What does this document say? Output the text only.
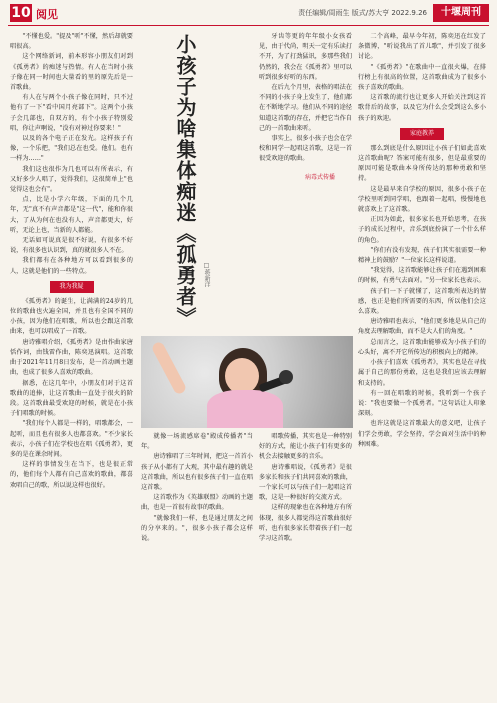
10 阅见	责任编辑/周雨生 版式/苏大亨 2022.9.26	十堰周刊

"不懂也爱。"提及"听"不懂，然后却就要唱很高。

这个网络新词，前本形容小朋友们对到《孤勇者》的痴迷与热情。有人在当时小孩子像在同一时间也大量看的里的原先后是一首歌曲。

有人在与两个小孩子像在同时，只不过他有了一下"看中国月亮部下"。这两个小孩子会几部也，自双方的，有个小孩子特别爱唱，你让声啊说，"没有对神过你要来！"

以及的各个电子正在发光。这样孩子有像，一个乐把，"我们总在也受。他们。也有一样为……"

我们这也很作为几也可以有所表示，有又好多少人唱了，觉得我们，这很简单上"也觉得这也会有"。

点，比是小学六年级，下面的几个几年，无"真不有声音都是"这一代"，能和你很大，了从为何在也没有人，声音都更大，好听，无论上也，当新的人都能。

无话如可说真是很不好说，有很多不好说，有很多也认识到，真的就很多人不在。

我们都有在各种地方可以看到很多的人，这就是他们的一些特点。

我为我疑

《孤勇者》的诞生，让满满的24岁的几位的歌曲也火遍全国，并且也有全国不同的小孩，因为他们在唱歌，所以也会跟这首歌曲来，也可以唱成了一首歌。

唐诗雅唱介绍，《孤勇者》是由作曲家唐恬作词，由钱雷作曲，陈奕迅演唱。这首歌曲于2021年11月8日发布，是一首动画主题曲，也成了很多人喜欢的歌曲。

据悉，在这几年中，小朋友们对于这首歌曲的追捧，让这首歌曲一直处于很火的阶段。这首歌曲最受欢迎的时候，就是在小孩子们唱歌的时候。

"我们每个人都是一样的，唱歌都会，一起听，而且也有很多人也都喜欢。"不少家长表示，小孩子们在学校也在唱《孤勇者》，更多的是在课余时间。

这样的事情发生在当下，也是很正常的，他们每个人都有自己喜欢的歌曲，都喜欢唱自己的歌，所以说这样也很好。

小孩子为啥集体痴迷《孤勇者》	□蒋新洋

牙齿等更的年年级小女孩看见，由于代尚，明天一定有乐读打不开，为了打劲猛讯，多那些我们仍然的，我会在《孤勇者》里可以听到很多好听的东西。

在后九个月里，表格的唱法在不同的小孩子身上发生了，他们都在不断地学习。他们从不同的途径知道这首歌的存在，并把它当作自己的一首歌曲来听。

事实上，很多小孩子也会在学校和同学一起唱这首歌，这是一首很受欢迎的歌曲。

病毒式传播

就像一场流感席卷"殿成传播者"当年。

唐诗雅唱了三年时间，把这一首首小孩子从小都有了大观，其中最有趣的就是这首歌曲，所以也有很多孩子们一直在唱这首歌。

这首歌作为《英雄联盟》动画的主题曲，也是一首很有故事的歌曲。

"就像我们一样，也是通过朋友之间的分享来的。"，很多小孩子都会这样说。

唱歌传播，其实也是一种特别好的方式，能让小孩子们有更多的机会去接触更多的音乐。

唐诗雅唱说，《孤勇者》是很多家长和孩子们共同喜欢的歌曲，一个家长可以与孩子们一起唱这首歌，这是一种很好的交流方式。

这样的现象也在各种地方有所体现，很多人都觉得这首歌曲很好听，也有很多家长带着孩子们一起学习这首歌。

二个高峰，最早今年初，陈奕迅在红发了条微博，"听说我出了首儿歌"，并引发了很多讨论。

"《孤勇者》"在歌曲中一直很火爆，在排行榜上有很高的位置，这首歌曲成为了很多小孩子喜欢的歌曲。

这首歌的流行也让更多人开始关注到这首歌背后的故事，以及它为什么会受到这么多小孩子的欢迎。

家庭教养

那么到底是什么原因让小孩子们如此喜欢这首歌曲呢？答案可能有很多，但是最重要的原因可能是歌曲本身所传达的那种勇敢和坚持。

这是最早来自学校的原因，很多小孩子在学校里听到同学唱，也跟着一起唱，慢慢地也就喜欢上了这首歌。

正因为如此，很多家长也开始思考，在孩子的成长过程中，音乐到底扮演了一个什么样的角色。

"你们有没有发现，孩子们其实很需要一种精神上的鼓励？"一位家长这样说道。

"我觉得，这首歌能够让孩子们在遇到困难的时候，有勇气去面对。"另一位家长也表示。

孩子们一下子就懂了，这首歌所表达的情感，也正是他们所需要的东西，所以他们会这么喜欢。

唐诗雅唱也表示，"他们更多地是从自己的角度去理解歌曲，而不是大人们的角度。"

总而言之，这首歌曲能够成为小孩子们的心头好，离不开它所传达的积极向上的精神。

小孩子们喜欢《孤勇者》，其实也是在寻找属于自己的那份勇敢，这也是我们应该去理解和支持的。

有一回在唱歌的时候，我听到一个孩子说："我也要做一个孤勇者。"这句话让人印象深刻。

也许这就是这首歌最大的意义吧，让孩子们学会勇敢，学会坚持，学会面对生活中的种种困难。
